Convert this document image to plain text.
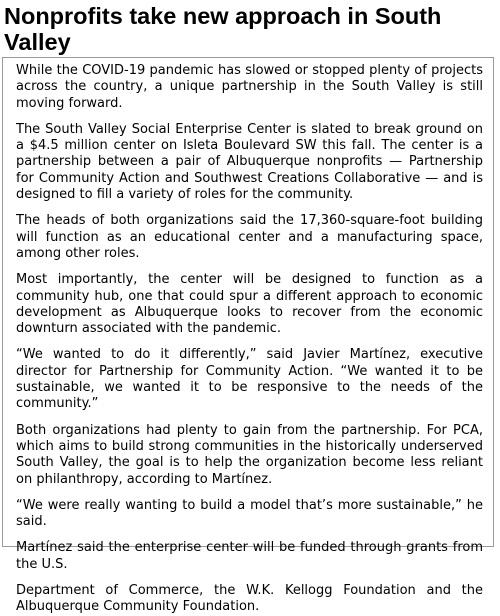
Nonprofits take new approach in South Valley

While the COVID-19 pandemic has slowed or stopped plenty of projects across the country, a unique partnership in the South Valley is still moving forward.

The South Valley Social Enterprise Center is slated to break ground on a $4.5 million center on Isleta Boulevard SW this fall. The center is a partnership between a pair of Albuquerque nonprofits — Partnership for Community Action and Southwest Creations Collaborative — and is designed to fill a variety of roles for the community.

The heads of both organizations said the 17,360-square-foot building will function as an educational center and a manufacturing space, among other roles.

Most importantly, the center will be designed to function as a community hub, one that could spur a different approach to economic development as Albuquerque looks to recover from the economic downturn associated with the pandemic.

“We wanted to do it differently,” said Javier Martínez, executive director for Partnership for Community Action. “We wanted it to be sustainable, we wanted it to be responsive to the needs of the community.”

Both organizations had plenty to gain from the partnership. For PCA, which aims to build strong communities in the historically underserved South Valley, the goal is to help the organization become less reliant on philanthropy, according to Martínez.

“We were really wanting to build a model that’s more sustainable,” he said.

Martínez said the enterprise center will be funded through grants from the U.S.

Department of Commerce, the W.K. Kellogg Foundation and the Albuquerque Community Foundation.
